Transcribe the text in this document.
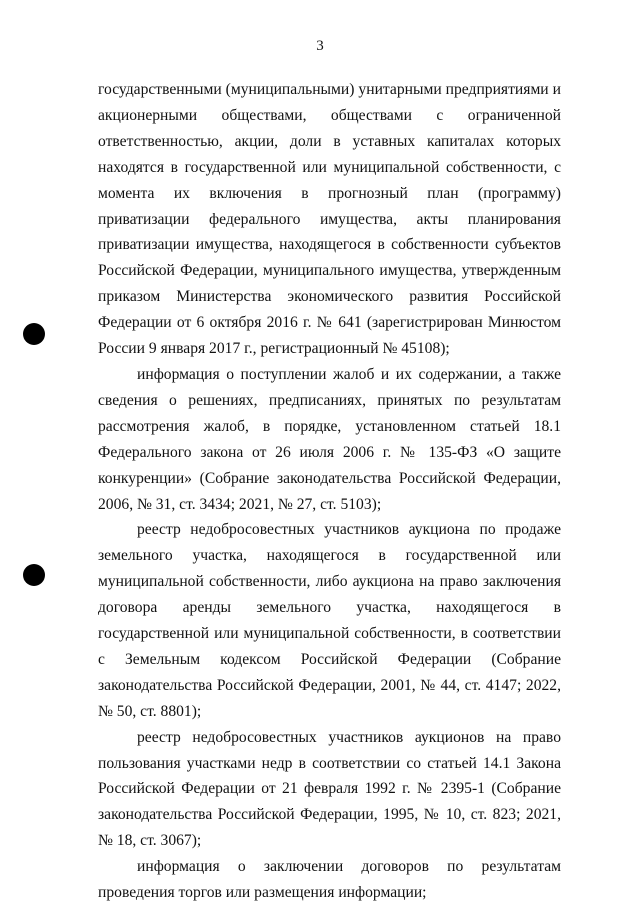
3

государственными (муниципальными) унитарными предприятиями и акционерными обществами, обществами с ограниченной ответственностью, акции, доли в уставных капиталах которых находятся в государственной или муниципальной собственности, с момента их включения в прогнозный план (программу) приватизации федерального имущества, акты планирования приватизации имущества, находящегося в собственности субъектов Российской Федерации, муниципального имущества, утвержденным приказом Министерства экономического развития Российской Федерации от 6 октября 2016 г. № 641 (зарегистрирован Минюстом России 9 января 2017 г., регистрационный № 45108);

информация о поступлении жалоб и их содержании, а также сведения о решениях, предписаниях, принятых по результатам рассмотрения жалоб, в порядке, установленном статьей 18.1 Федерального закона от 26 июля 2006 г. № 135-ФЗ «О защите конкуренции» (Собрание законодательства Российской Федерации, 2006, № 31, ст. 3434; 2021, № 27, ст. 5103);

реестр недобросовестных участников аукциона по продаже земельного участка, находящегося в государственной или муниципальной собственности, либо аукциона на право заключения договора аренды земельного участка, находящегося в государственной или муниципальной собственности, в соответствии с Земельным кодексом Российской Федерации (Собрание законодательства Российской Федерации, 2001, № 44, ст. 4147; 2022, № 50, ст. 8801);

реестр недобросовестных участников аукционов на право пользования участками недр в соответствии со статьей 14.1 Закона Российской Федерации от 21 февраля 1992 г. № 2395-1 (Собрание законодательства Российской Федерации, 1995, № 10, ст. 823; 2021, № 18, ст. 3067);

информация о заключении договоров по результатам проведения торгов или размещения информации;
